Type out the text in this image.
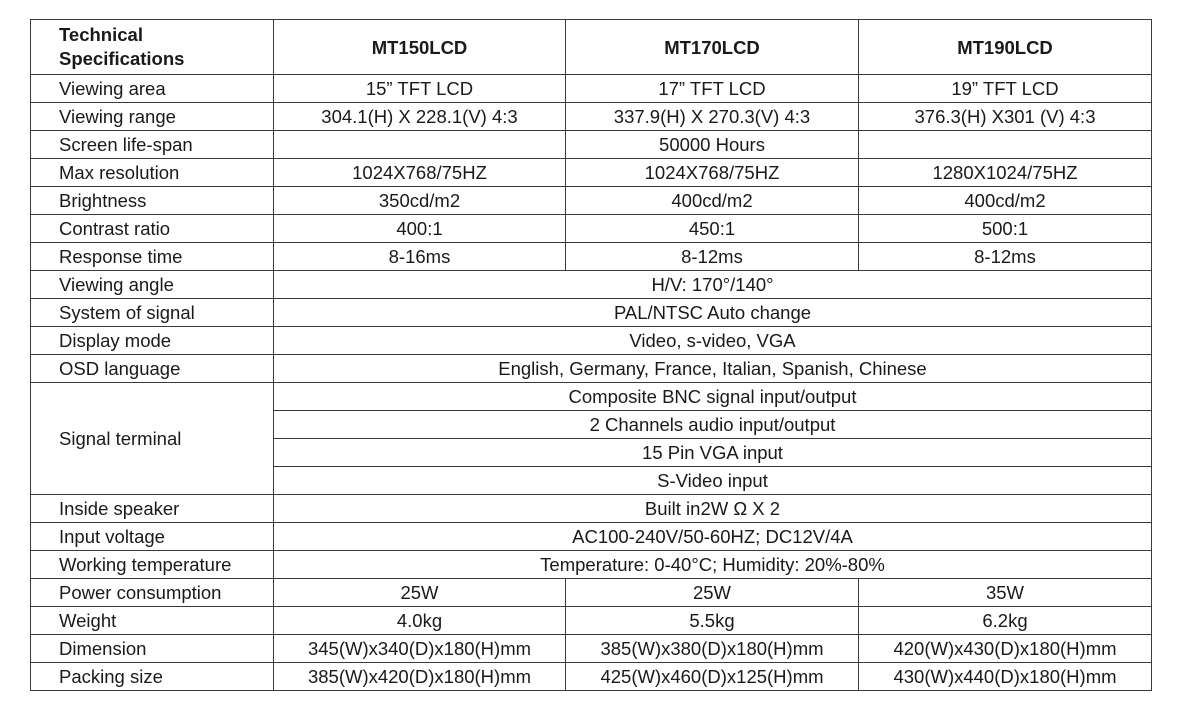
Technical
Specifications	MT150LCD	MT170LCD	MT190LCD
Viewing area	15” TFT LCD	17” TFT LCD	19” TFT LCD
Viewing range	304.1(H) X 228.1(V) 4:3	337.9(H) X 270.3(V) 4:3	376.3(H) X301 (V) 4:3
Screen life-span		50000 Hours	
Max resolution	1024X768/75HZ	1024X768/75HZ	1280X1024/75HZ
Brightness	350cd/m2	400cd/m2	400cd/m2
Contrast ratio	400:1	450:1	500:1
Response time	8-16ms	8-12ms	8-12ms
Viewing angle	H/V: 170°/140°		
System of signal	PAL/NTSC Auto change		
Display mode	Video, s-video, VGA		
OSD language	English, Germany, France, Italian, Spanish, Chinese		
Signal terminal	Composite BNC signal input/output		
	2 Channels audio input/output		
	15 Pin VGA input		
	S-Video input		
Inside speaker	Built in2W Ω X 2		
Input voltage	AC100-240V/50-60HZ; DC12V/4A		
Working temperature	Temperature: 0-40°C; Humidity: 20%-80%		
Power consumption	25W	25W	35W
Weight	4.0kg	5.5kg	6.2kg
Dimension	345(W)x340(D)x180(H)mm	385(W)x380(D)x180(H)mm	420(W)x430(D)x180(H)mm
Packing size	385(W)x420(D)x180(H)mm	425(W)x460(D)x125(H)mm	430(W)x440(D)x180(H)mm
